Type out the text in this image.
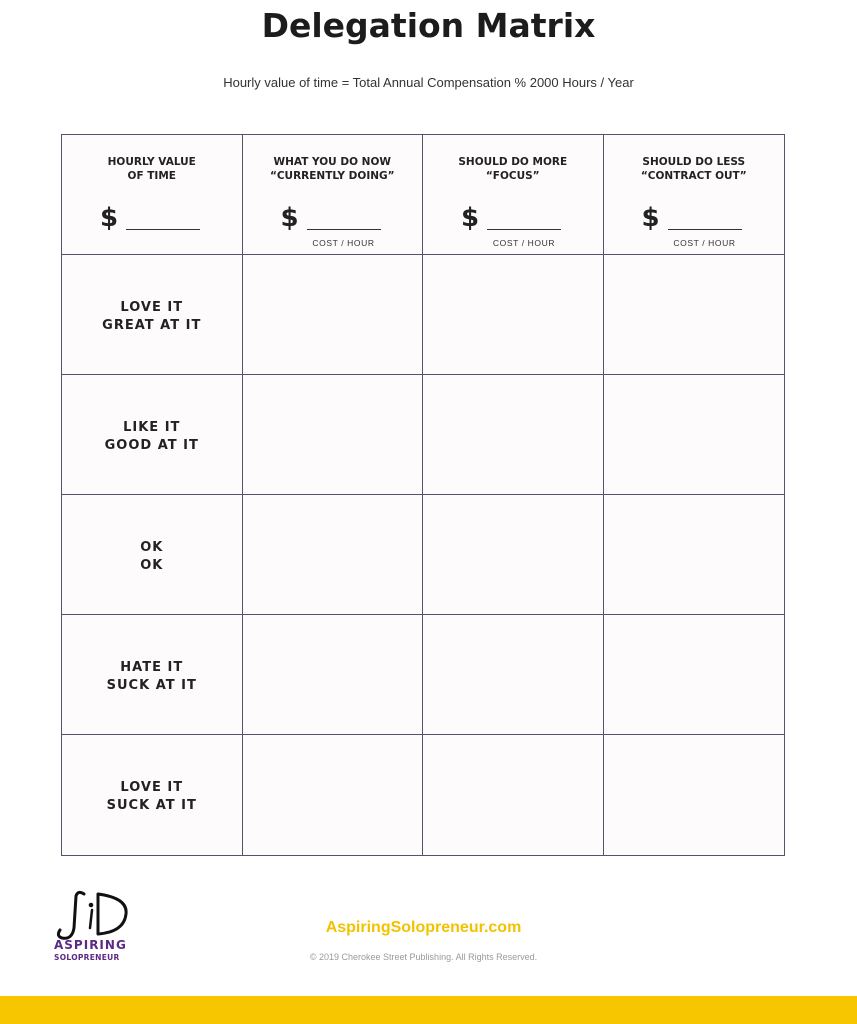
Delegation Matrix
Hourly value of time = Total Annual Compensation % 2000 Hours / Year
HOURLY VALUE
OF TIME
$
WHAT YOU DO NOW
“CURRENTLY DOING”
$
COST / HOUR
SHOULD DO MORE
“FOCUS”
$
COST / HOUR
SHOULD DO LESS
“CONTRACT OUT”
$
COST / HOUR
LOVE IT
GREAT AT IT
LIKE IT
GOOD AT IT
OK
OK
HATE IT
SUCK AT IT
LOVE IT
SUCK AT IT
ASPIRING
SOLOPRENEUR
AspiringSolopreneur.com
© 2019 Cherokee Street Publishing. All Rights Reserved.
